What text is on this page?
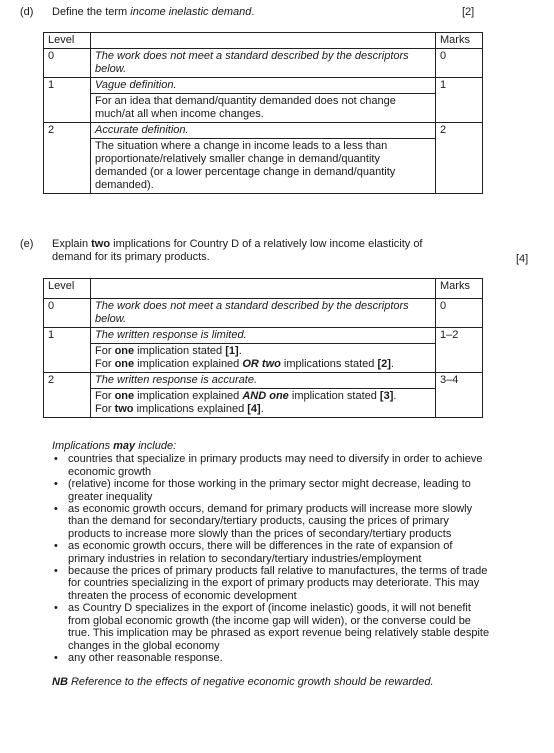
(d) Define the term income inelastic demand.	[2]
Level		Marks
0	The work does not meet a standard described by the descriptors below.	0
1	Vague definition.	1
	For an idea that demand/quantity demanded does not change much/at all when income changes.	
2	Accurate definition.	2
	The situation where a change in income leads to a less than proportionate/relatively smaller change in demand/quantity demanded (or a lower percentage change in demand/quantity demanded).	
(e) Explain two implications for Country D of a relatively low income elasticity of demand for its primary products.	[4]
Level		Marks
0	The work does not meet a standard described by the descriptors below.	0
1	The written response is limited.	1–2

	For one implication stated [1].
For one implication explained OR two implications stated [2].	

2	The written response is accurate.	3–4

	For one implication explained AND one implication stated [3].
For two implications explained [4].	
Implications may include:
• countries that specialize in primary products may need to diversify in order to achieve economic growth
• (relative) income for those working in the primary sector might decrease, leading to greater inequality
• as economic growth occurs, demand for primary products will increase more slowly than the demand for secondary/tertiary products, causing the prices of primary products to increase more slowly than the prices of secondary/tertiary products
• as economic growth occurs, there will be differences in the rate of expansion of primary industries in relation to secondary/tertiary industries/employment
• because the prices of primary products fall relative to manufactures, the terms of trade for countries specializing in the export of primary products may deteriorate. This may threaten the process of economic development
• as Country D specializes in the export of (income inelastic) goods, it will not benefit from global economic growth (the income gap will widen), or the converse could be true. This implication may be phrased as export revenue being relatively stable despite changes in the global economy
• any other reasonable response.
NB Reference to the effects of negative economic growth should be rewarded.
